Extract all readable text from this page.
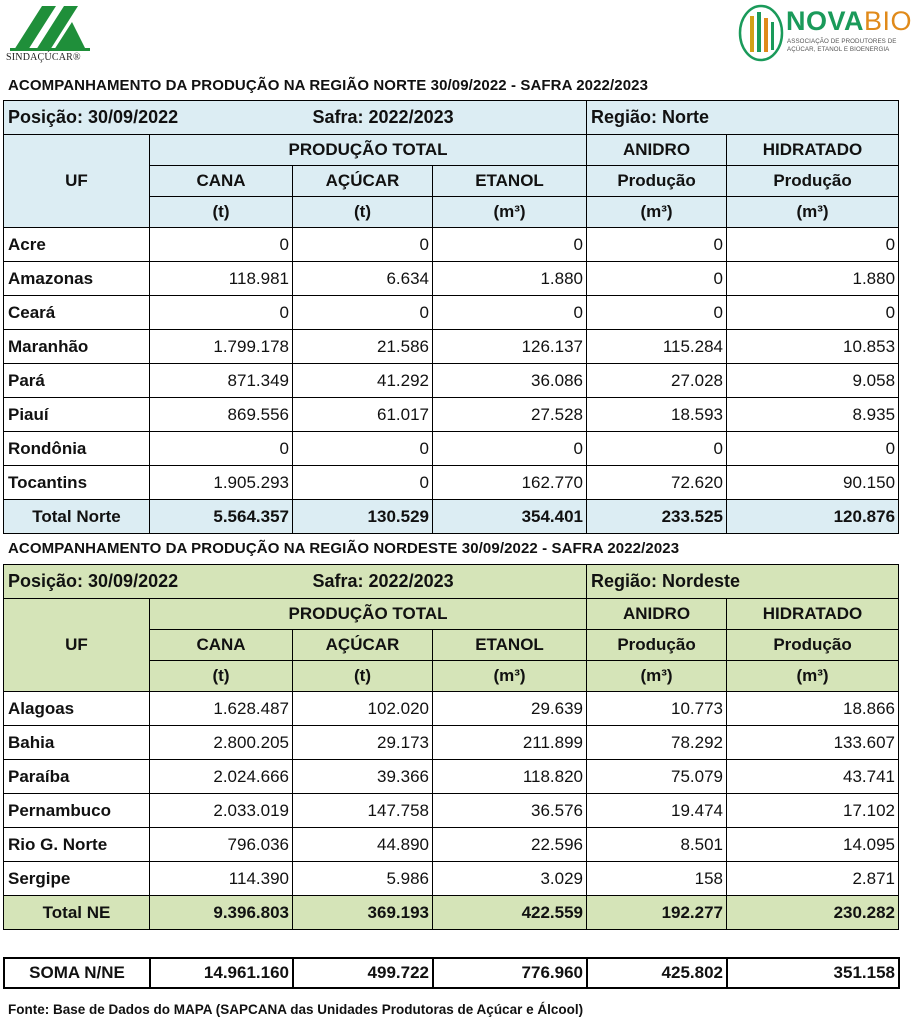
SINDAÇÚCAR®
NOVABIO
ASSOCIAÇÃO DE PRODUTORES DE
AÇÚCAR, ETANOL E BIOENERGIA
ACOMPANHAMENTO DA PRODUÇÃO NA REGIÃO NORTE 30/09/2022 - SAFRA 2022/2023
Posição: 30/09/2022		Safra: 2022/2023		Região: Norte	
UF	PRODUÇÃO TOTAL			ANIDRO	HIDRATADO
	CANA	AÇÚCAR	ETANOL	Produção	Produção
	(t)	(t)	(m³)	(m³)	(m³)
Acre	0	0	0	0	0
Amazonas	118.981	6.634	1.880	0	1.880
Ceará	0	0	0	0	0
Maranhão	1.799.178	21.586	126.137	115.284	10.853
Pará	871.349	41.292	36.086	27.028	9.058
Piauí	869.556	61.017	27.528	18.593	8.935
Rondônia	0	0	0	0	0
Tocantins	1.905.293	0	162.770	72.620	90.150
Total Norte	5.564.357	130.529	354.401	233.525	120.876
ACOMPANHAMENTO DA PRODUÇÃO NA REGIÃO NORDESTE 30/09/2022 - SAFRA 2022/2023
Posição: 30/09/2022		Safra: 2022/2023		Região: Nordeste	
UF	PRODUÇÃO TOTAL			ANIDRO	HIDRATADO
	CANA	AÇÚCAR	ETANOL	Produção	Produção
	(t)	(t)	(m³)	(m³)	(m³)
Alagoas	1.628.487	102.020	29.639	10.773	18.866
Bahia	2.800.205	29.173	211.899	78.292	133.607
Paraíba	2.024.666	39.366	118.820	75.079	43.741
Pernambuco	2.033.019	147.758	36.576	19.474	17.102
Rio G. Norte	796.036	44.890	22.596	8.501	14.095
Sergipe	114.390	5.986	3.029	158	2.871
Total NE	9.396.803	369.193	422.559	192.277	230.282
SOMA N/NE	14.961.160	499.722	776.960	425.802	351.158
Fonte: Base de Dados do MAPA (SAPCANA das Unidades Produtoras de Açúcar e Álcool)
